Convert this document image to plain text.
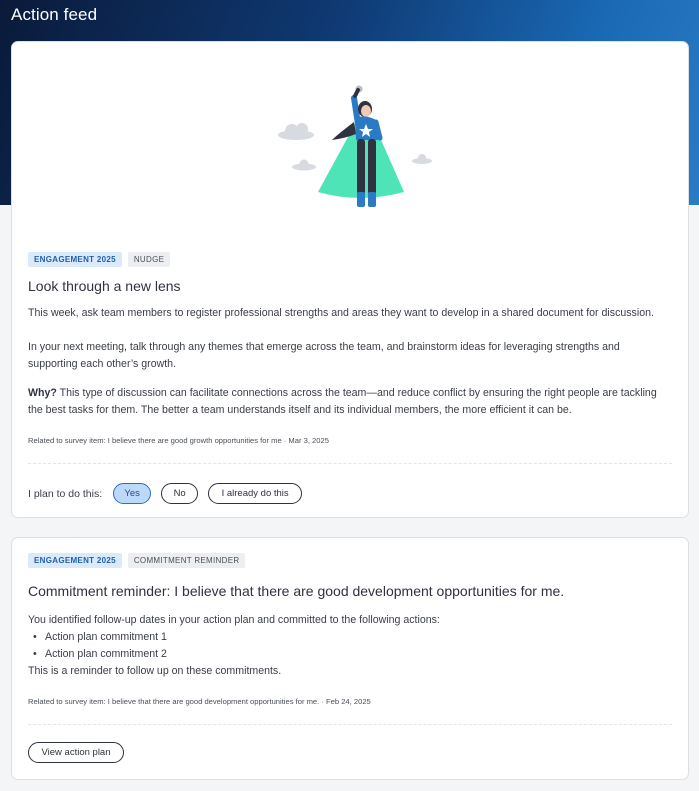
Action feed
ENGAGEMENT 2025	NUDGE
Look through a new lens

This week, ask team members to register professional strengths and areas they want to develop in a shared document for discussion.

In your next meeting, talk through any themes that emerge across the team, and brainstorm ideas for leveraging strengths and supporting each other’s growth.

Why? This type of discussion can facilitate connections across the team—and reduce conflict by ensuring the right people are tackling the best tasks for them. The better a team understands itself and its individual members, the more efficient it can be.

Related to survey item: I believe there are good growth opportunities for me · Mar 3, 2025
I plan to do this:	Yes	No	I already do this
ENGAGEMENT 2025	COMMITMENT REMINDER
Commitment reminder: I believe that there are good development opportunities for me.

You identified follow-up dates in your action plan and committed to the following actions:

• Action plan commitment 1
• Action plan commitment 2

This is a reminder to follow up on these commitments.

Related to survey item: I believe that there are good development opportunities for me. · Feb 24, 2025
View action plan
